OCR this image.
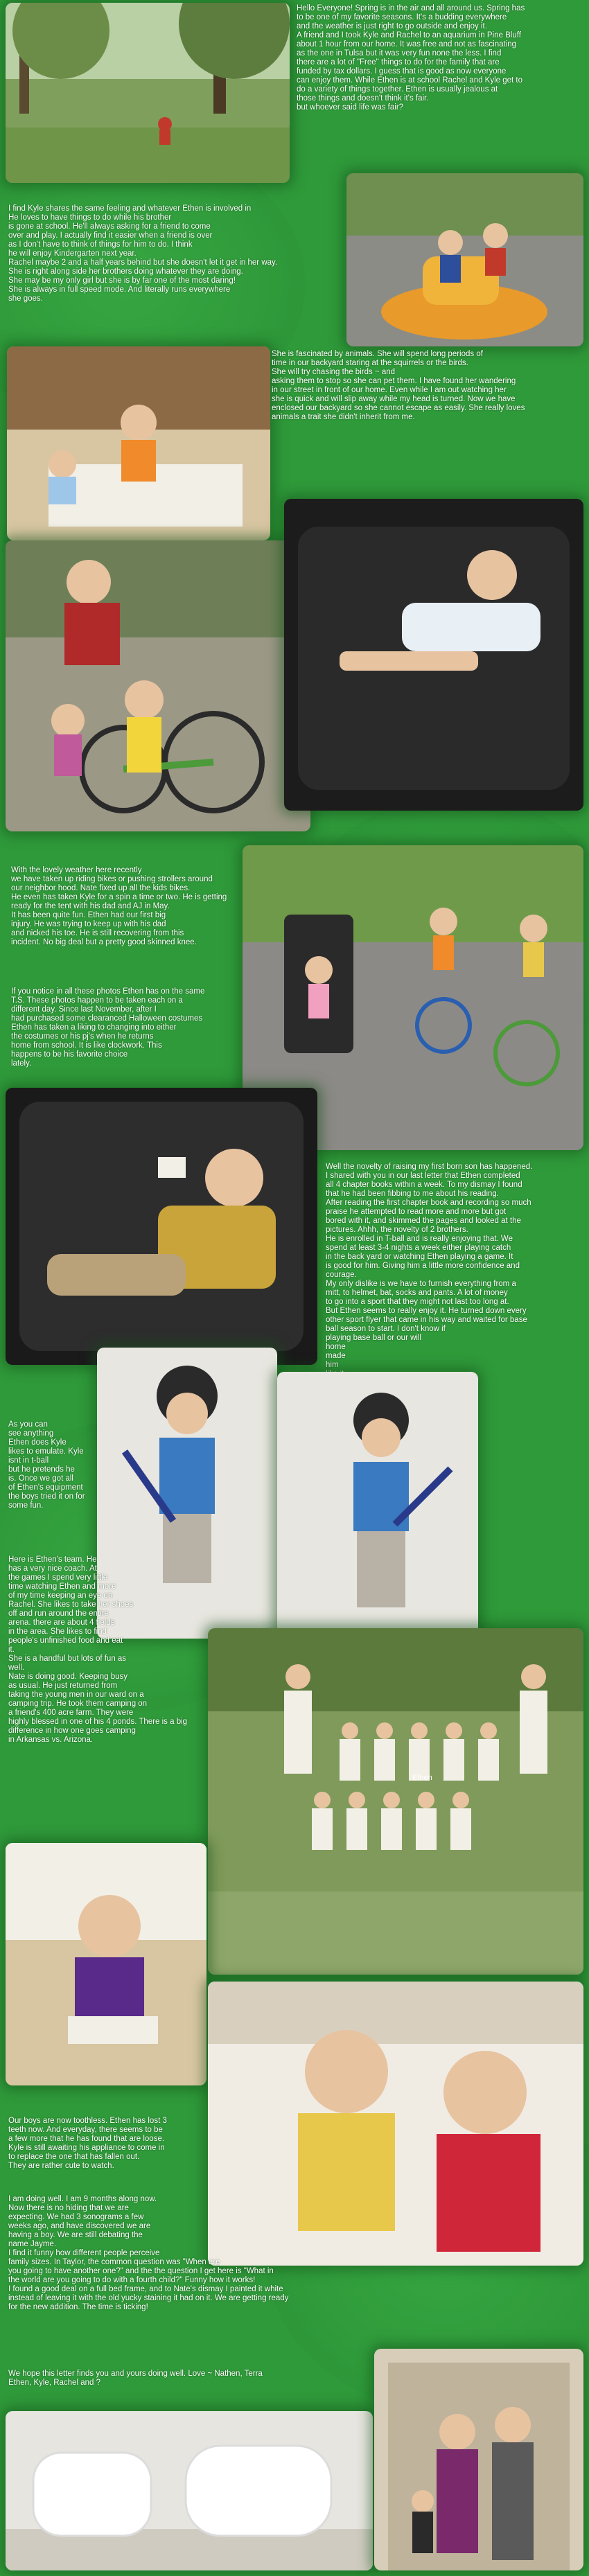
Hello Everyone! Spring is in the air and all around us. Spring has
to be one of my favorite seasons. It's a budding everywhere
and the weather is just right to go outside and enjoy it.
A friend and I took Kyle and Rachel to an aquarium in Pine Bluff
about 1 hour from our home. It was free and not as fascinating
as the one in Tulsa but it was very fun none the less. I find
there are a lot of "Free" things to do for the family that are
funded by tax dollars. I guess that is good as now everyone
can enjoy them. While Ethen is at school Rachel and Kyle get to
do a variety of things together. Ethen is usually jealous at
those things and doesn't think it's fair.
but whoever said life was fair?
I find Kyle shares the same feeling and whatever Ethen is involved in
He loves to have things to do while his brother
is gone at school. He'll always asking for a friend to come
over and play. I actually find it easier when a friend is over
as I don't have to think of things for him to do. I think
he will enjoy Kindergarten next year.
Rachel maybe 2 and a half years behind but she doesn't let it get in her way.
She is right along side her brothers doing whatever they are doing.
She may be my only girl but she is by far one of the most daring!
She is always in full speed mode. And literally runs everywhere
she goes.
She is fascinated by animals. She will spend long periods of
time in our backyard staring at the squirrels or the birds.
She will try chasing the birds ~ and
asking them to stop so she can pet them. I have found her wandering
in our street in front of our home. Even while I am out watching her
she is quick and will slip away while my head is turned. Now we have
enclosed our backyard so she cannot escape as easily. She really loves
animals a trait she didn't inherit from me.
With the lovely weather here recently
we have taken up riding bikes or pushing strollers around
our neighbor hood. Nate fixed up all the kids bikes.
He even has taken Kyle for a spin a time or two. He is getting
ready for the tent with his dad and AJ in May.
It has been quite fun. Ethen had our first big
injury. He was trying to keep up with his dad
and nicked his toe. He is still recovering from this
incident. No big deal but a pretty good skinned knee.
If you notice in all these photos Ethen has on the same
T.S. These photos happen to be taken each on a
different day. Since last November, after I
had purchased some clearanced Halloween costumes
Ethen has taken a liking to changing into either
the costumes or his pj's when he returns
home from school. It is like clockwork. This
happens to be his favorite choice
lately.
Well the novelty of raising my first born son has happened.
I shared with you in our last letter that Ethen completed
all 4 chapter books within a week. To my dismay I found
that he had been fibbing to me about his reading.
After reading the first chapter book and recording so much
praise he attempted to read more and more but got
bored with it, and skimmed the pages and looked at the
pictures. Ahhh, the novelty of 2 brothers.
He is enrolled in T-ball and is really enjoying that. We
spend at least 3-4 nights a week either playing catch
in the back yard or watching Ethen playing a game. It
is good for him. Giving him a little more confidence and
courage.
My only dislike is we have to furnish everything from a
mitt, to helmet, bat, socks and pants. A lot of money
to go into a sport that they might not last too long at.
But Ethen seems to really enjoy it. He turned down every
other sport flyer that came in his way and waited for base
ball season to start. I don't know if
playing base ball or our will
home
made
him

As you can
see anything
Ethen does Kyle
likes to emulate. Kyle
isnt in t-ball
but he pretends he
is. Once we got all
of Ethen's equipment
the boys tried it on for
some fun.
Here is Ethen's team. He
has a very nice coach. At
the games I spend very little
time watching Ethen and more
of my time keeping an eye on
Rachel. She likes to take her shoes
off and run around the entire
arena. there are about 4 fields
in the area. She likes to find
people's unfinished food and eat
it.
She is a handful but lots of fun as
well.
Nate is doing good. Keeping busy
as usual. He just returned from
taking the young men in our ward on a
camping trip. He took them camping on
a friend's 400 acre farm. They were
highly blessed in one of his 4 ponds. There is a big
difference in how one goes camping
in Arkansas vs. Arizona.
Ethen
Our boys are now toothless. Ethen has lost 3
teeth now. And everyday, there seems to be
a few more that he has found that are loose.
Kyle is still awaiting his appliance to come in
to replace the one that has fallen out.
They are rather cute to watch.
I am doing well. I am 9 months along now.
Now there is no hiding that we are
expecting. We had 3 sonograms a few
weeks ago, and have discovered we are
having a boy. We are still debating the
name Jayme.
I find it funny how different people perceive
family sizes. In Taylor, the common question was "When are
you going to have another one?" and the the question I get here is "What in
the world are you going to do with a fourth child?" Funny how it works!
I found a good deal on a full bed frame, and to Nate's dismay I painted it white
instead of leaving it with the old yucky staining it had on it. We are getting ready
for the new addition. The time is ticking!
We hope this letter finds you and yours doing well. Love ~ Nathen, Terra
Ethen, Kyle, Rachel and ?
